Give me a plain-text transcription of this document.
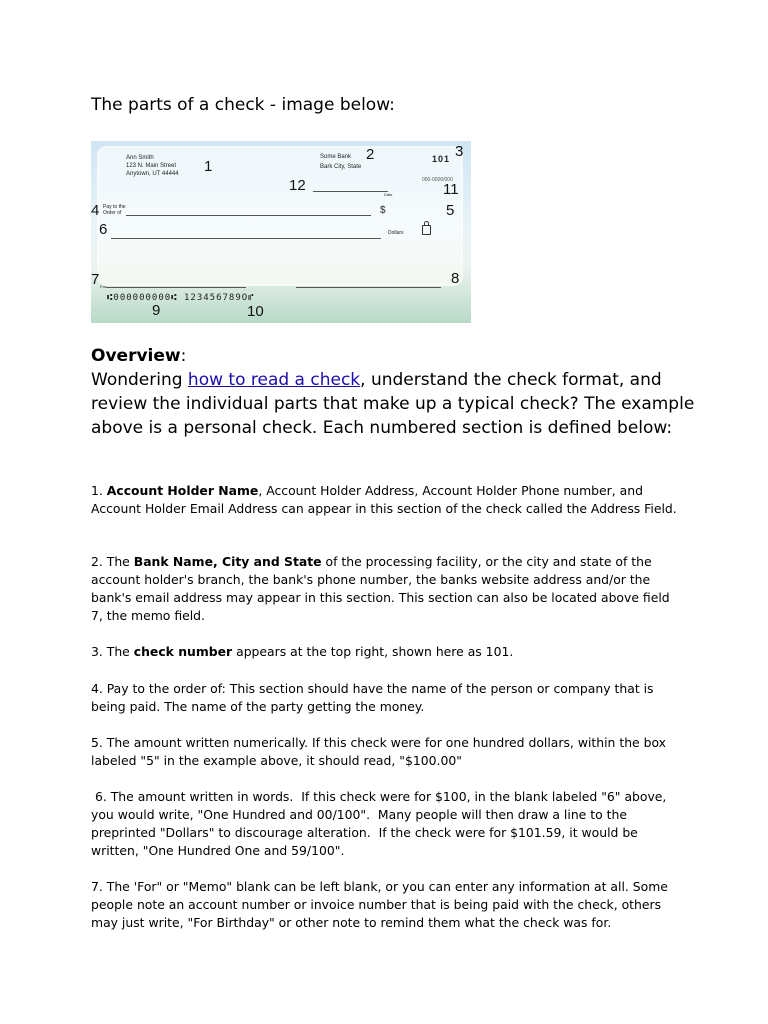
The parts of a check - image below:
Ann Smith
123 N. Main Street
Anytown, UT 44444 1
Some Bank
Bark City, State
2	101 3
000-0000/000
11
12
Date
4 Pay to the
Order of	$	5
6	Dollars
7 For	8
⑆000000000⑆ 123456789O⑈
9	10
Overview:
Wondering how to read a check, understand the check format, and review the individual parts that make up a typical check? The example above is a personal check. Each numbered section is defined below:
1. Account Holder Name, Account Holder Address, Account Holder Phone number, and Account Holder Email Address can appear in this section of the check called the Address Field.
2. The Bank Name, City and State of the processing facility, or the city and state of the account holder's branch, the bank's phone number, the banks website address and/or the bank's email address may appear in this section. This section can also be located above field 7, the memo field.
3. The check number appears at the top right, shown here as 101.
4. Pay to the order of: This section should have the name of the person or company that is being paid. The name of the party getting the money.
5. The amount written numerically. If this check were for one hundred dollars, within the box labeled "5" in the example above, it should read, "$100.00"
6. The amount written in words.  If this check were for $100, in the blank labeled "6" above, you would write, "One Hundred and 00/100".  Many people will then draw a line to the preprinted "Dollars" to discourage alteration.  If the check were for $101.59, it would be written, "One Hundred One and 59/100".
7. The 'For" or "Memo" blank can be left blank, or you can enter any information at all. Some people note an account number or invoice number that is being paid with the check, others may just write, "For Birthday" or other note to remind them what the check was for.
